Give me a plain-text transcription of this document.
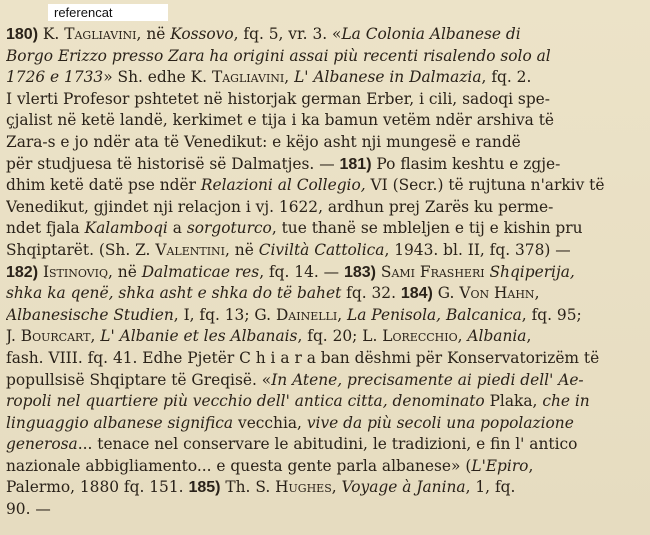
referencat
180) K. Tagliavini, në Kossovo, fq. 5, vr. 3. «La Colonia Albanese di
Borgo Erizzo presso Zara ha origini assai più recenti risalendo solo al
1726 e 1733» Sh. edhe K. Tagliavini, L' Albanese in Dalmazia, fq. 2.
I vlerti Profesor pshtetet në historjak german Erber, i cili, sadoqi spe-
çjalist në ketë landë, kerkimet e tija i ka bamun vetëm ndër arshiva të
Zara-s e jo ndër ata të Venedikut: e këjo asht nji mungesë e randë
për studjuesa të historisë së Dalmatjes. — 181) Po flasim keshtu e zgje-
dhim ketë datë pse ndër Relazioni al Collegio, VI (Secr.) të rujtuna n'arkiv të
Venedikut, gjindet nji relacjon i vj. 1622, ardhun prej Zarës ku perme-
ndet fjala Kalamboqi a sorgoturco, tue thanë se mbleljen e tij e kishin pru
Shqiptarët. (Sh. Z. Valentini, në Civiltà Cattolica, 1943. bl. II, fq. 378) —
182) Istinoviq, në Dalmaticae res, fq. 14. — 183) Sami Frasheri Shqiperija,
shka ka qenë, shka asht e shka do të bahet fq. 32. 184) G. Von Hahn,
Albanesische Studien, I, fq. 13; G. Dainelli, La Penisola, Balcanica, fq. 95;
J. Bourcart, L' Albanie et les Albanais, fq. 20; L. Lorecchio, Albania,
fash. VIII. fq. 41. Edhe Pjetër C h i a r a ban dëshmi për Konservatorizëm të
popullsisë Shqiptare të Greqisë. «In Atene, precisamente ai piedi dell' Ae-
ropoli nel quartiere più vecchio dell' antica citta, denominato Plaka, che in
linguaggio albanese significa vecchia, vive da più secoli una popolazione
generosa... tenace nel conservare le abitudini, le tradizioni, e fin l' antico
nazionale abbigliamento... e questa gente parla albanese» (L'Epiro,
Palermo, 1880 fq. 151. 185) Th. S. Hughes, Voyage à Janina, 1, fq.
90. —
